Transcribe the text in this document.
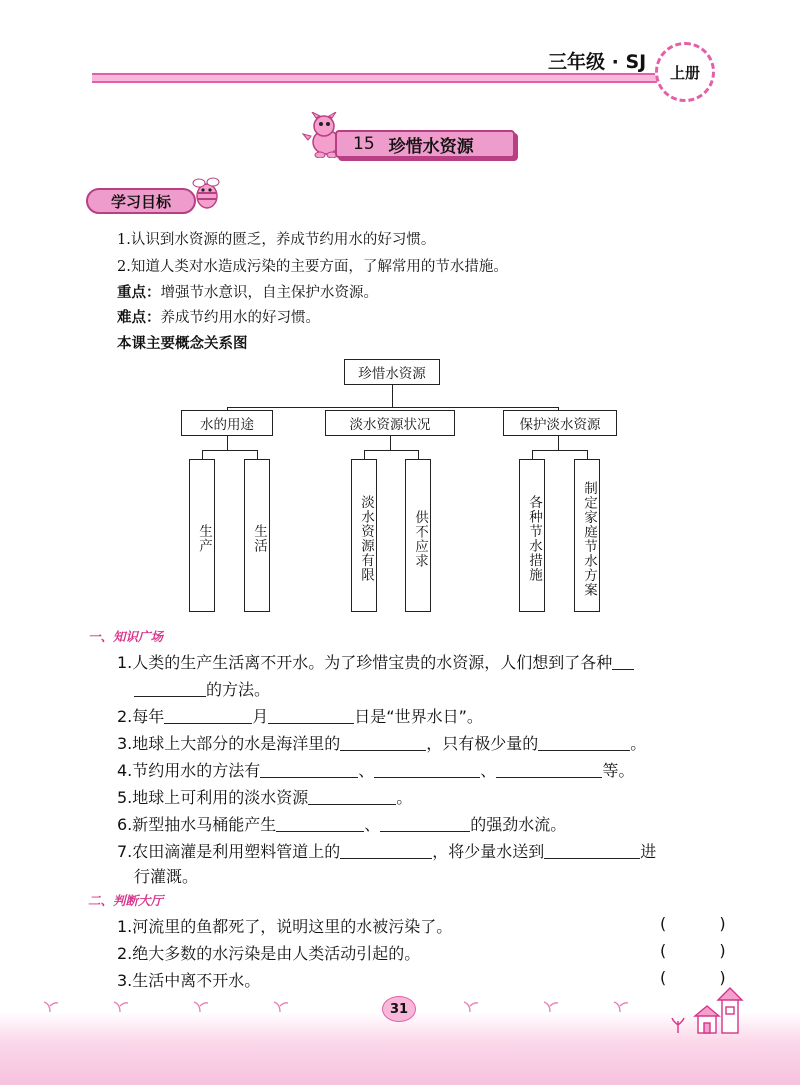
三年级 · SJ 上册
15 珍惜水资源
学习目标
1.认识到水资源的匮乏，养成节约用水的好习惯。
2.知道人类对水造成污染的主要方面，了解常用的节水措施。
重点：增强节水意识，自主保护水资源。
难点：养成节约用水的好习惯。
本课主要概念关系图
珍惜水资源
水的用途	淡水资源状况	保护淡水资源
生产	生活	淡水资源有限	供不应求	各种节水措施	制定家庭节水方案
一、知识广场
1.人类的生产生活离不开水。为了珍惜宝贵的水资源，人们想到了各种
的方法。
2.每年	月	日是“世界水日”。
3.地球上大部分的水是海洋里的	，只有极少量的	。
4.节约用水的方法有	、	、	等。
5.地球上可利用的淡水资源	。
6.新型抽水马桶能产生	、	的强劲水流。
7.农田滴灌是利用塑料管道上的	，将少量水送到	进
行灌溉。
二、判断大厅
1.河流里的鱼都死了，说明这里的水被污染了。	( )
2.绝大多数的水污染是由人类活动引起的。	( )
3.生活中离不开水。	( )
31
